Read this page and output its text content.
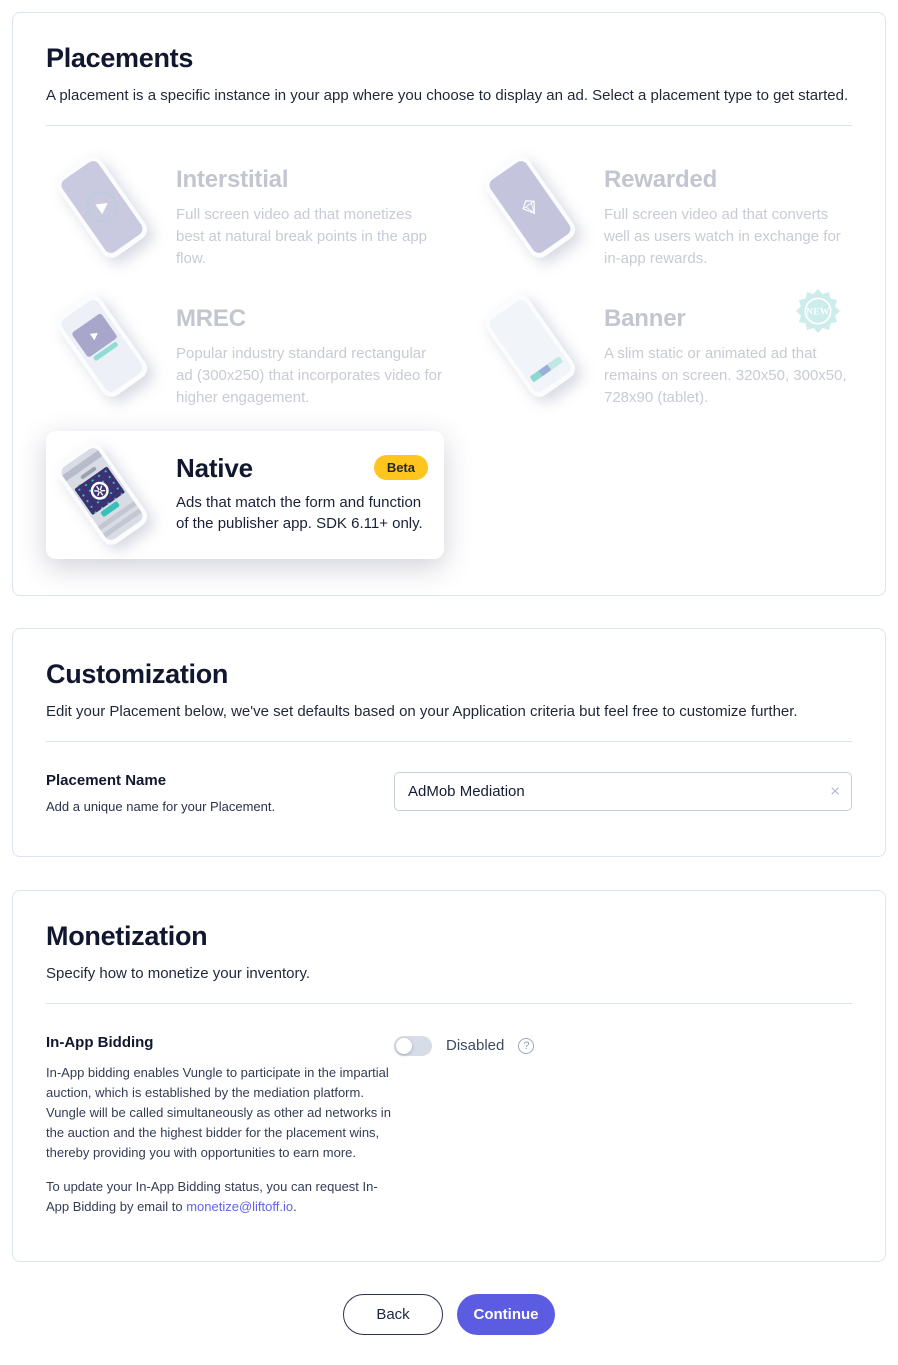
Placements

A placement is a specific instance in your app where you choose to display an ad. Select a placement type to get started.

Interstitial

Full screen video ad that monetizes best at natural break points in the app flow.

Rewarded

Full screen video ad that converts well as users watch in exchange for in-app rewards.

MREC

Popular industry standard rectangular ad (300x250) that incorporates video for higher engagement.

Banner

A slim static or animated ad that remains on screen. 320x50, 300x50, 728x90 (tablet).

NEW
Native	Beta

Ads that match the form and function of the publisher app. SDK 6.11+ only.

Customization

Edit your Placement below, we've set defaults based on your Application criteria but feel free to customize further.

Placement Name

Add a unique name for your Placement.

AdMob Mediation
×
Monetization

Specify how to monetize your inventory.

In-App Bidding

In-App bidding enables Vungle to participate in the impartial auction, which is established by the mediation platform. Vungle will be called simultaneously as other ad networks in the auction and the highest bidder for the placement wins, thereby providing you with opportunities to earn more.

To update your In-App Bidding status, you can request In-App Bidding by email to monetize@liftoff.io.

Disabled	?
Back	Continue
